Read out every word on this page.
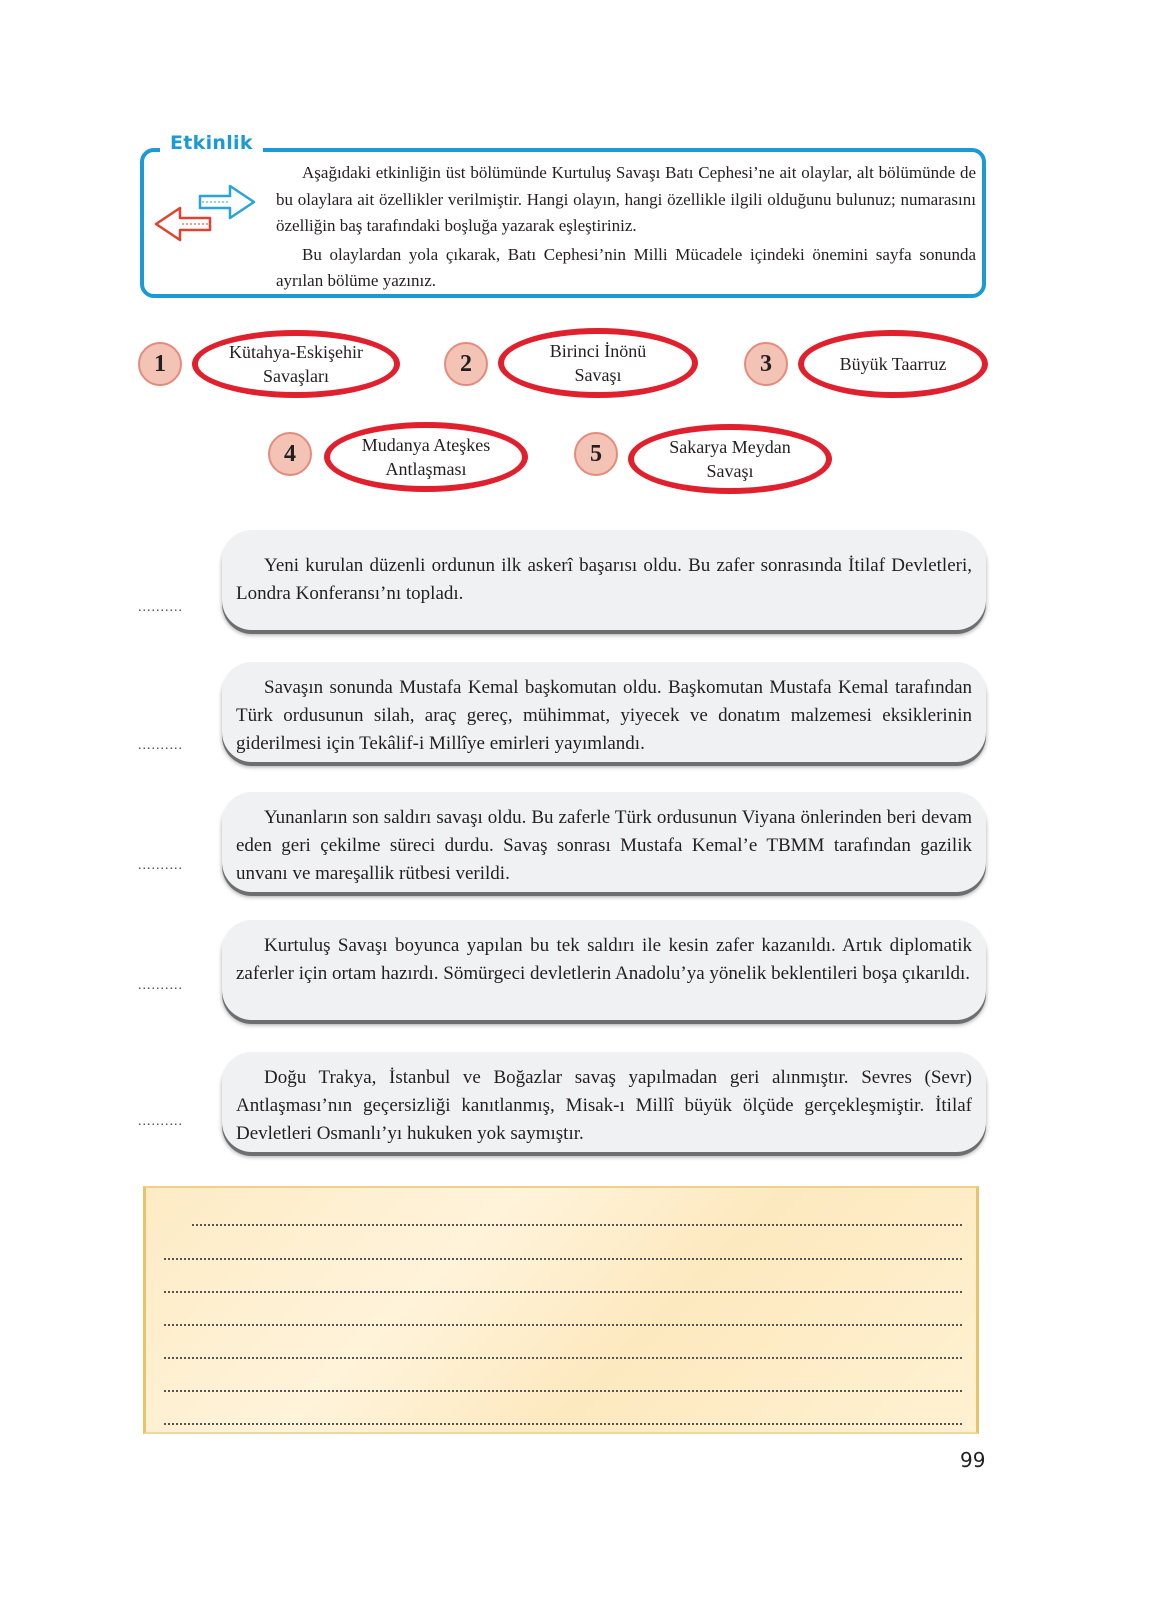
Etkinlik

Aşağıdaki etkinliğin üst bölümünde Kurtuluş Savaşı Batı Cephesi’ne ait olaylar, alt bölümünde de bu olaylara ait özellikler verilmiştir. Hangi olayın, hangi özellikle ilgili olduğunu bulunuz; numarasını özelliğin baş tarafındaki boşluğa yazarak eşleştiriniz.

Bu olaylardan yola çıkarak, Batı Cephesi’nin Milli Mücadele içindeki önemini sayfa sonunda ayrılan bölüme yazınız.

1	Kütahya-Eskişehir
Savaşları	2	Birinci İnönü
Savaşı	3	Büyük Taarruz
4	Mudanya Ateşkes
Antlaşması
5	Sakarya Meydan
Savaşı
..........

Yeni kurulan düzenli ordunun ilk askerî başarısı oldu. Bu zafer sonrasında İtilaf Devletleri, Londra Konferansı’nı topladı.

..........

Savaşın sonunda Mustafa Kemal başkomutan oldu. Başkomutan Mustafa Kemal tarafından Türk ordusunun silah, araç gereç, mühimmat, yiyecek ve donatım malzemesi eksiklerinin giderilmesi için Tekâlif-i Millîye emirleri yayımlandı.

..........

Yunanların son saldırı savaşı oldu. Bu zaferle Türk ordusunun Viyana önlerinden beri devam eden geri çekilme süreci durdu. Savaş sonrası Mustafa Kemal’e TBMM tarafından gazilik unvanı ve mareşallik rütbesi verildi.

..........

Kurtuluş Savaşı boyunca yapılan bu tek saldırı ile kesin zafer kazanıldı. Artık diplomatik zaferler için ortam hazırdı. Sömürgeci devletlerin Anadolu’ya yönelik beklentileri boşa çıkarıldı.

..........

Doğu Trakya, İstanbul ve Boğazlar savaş yapılmadan geri alınmıştır. Sevres (Sevr) Antlaşması’nın geçersizliği kanıtlanmış, Misak-ı Millî büyük ölçüde gerçekleşmiştir. İtilaf Devletleri Osmanlı’yı hukuken yok saymıştır.

99
